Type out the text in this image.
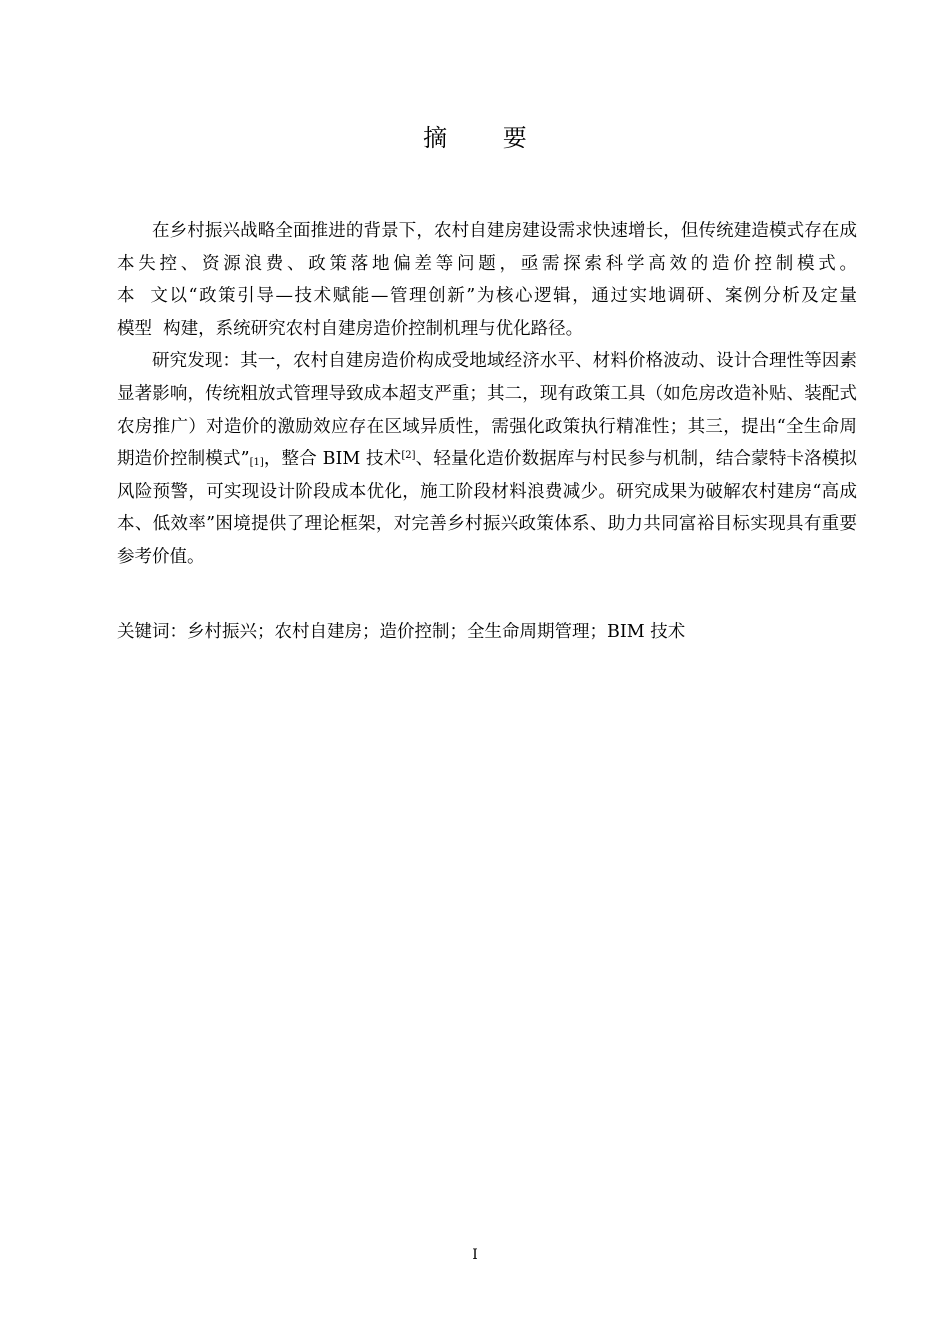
摘 要

在乡村振兴战略全面推进的背景下，农村自建房建设需求快速增长，但传统建造模式存在成本失控、资源浪费、政策落地偏差等问题，亟需探索科学高效的造价控制模式。本  文以“政策引导—技术赋能—管理创新”为核心逻辑，通过实地调研、案例分析及定量模型  构建，系统研究农村自建房造价控制机理与优化路径。

研究发现：其一，农村自建房造价构成受地域经济水平、材料价格波动、设计合理性等因素显著影响，传统粗放式管理导致成本超支严重；其二，现有政策工具（如危房改造补贴、装配式农房推广）对造价的激励效应存在区域异质性，需强化政策执行精准性；其三，提出“全生命周期造价控制模式$”_{[1]}$，整合 BIM 技术[2]、轻量化造价数据库与村民参与机制，结合蒙特卡洛模拟风险预警，可实现设计阶段成本优化，施工阶段材料浪费减少。研究成果为破解农村建房“高成本、低效率”困境提供了理论框架，对完善乡村振兴政策体系、助力共同富裕目标实现具有重要参考价值。

关键词：乡村振兴；农村自建房；造价控制；全生命周期管理；BIM 技术
I
